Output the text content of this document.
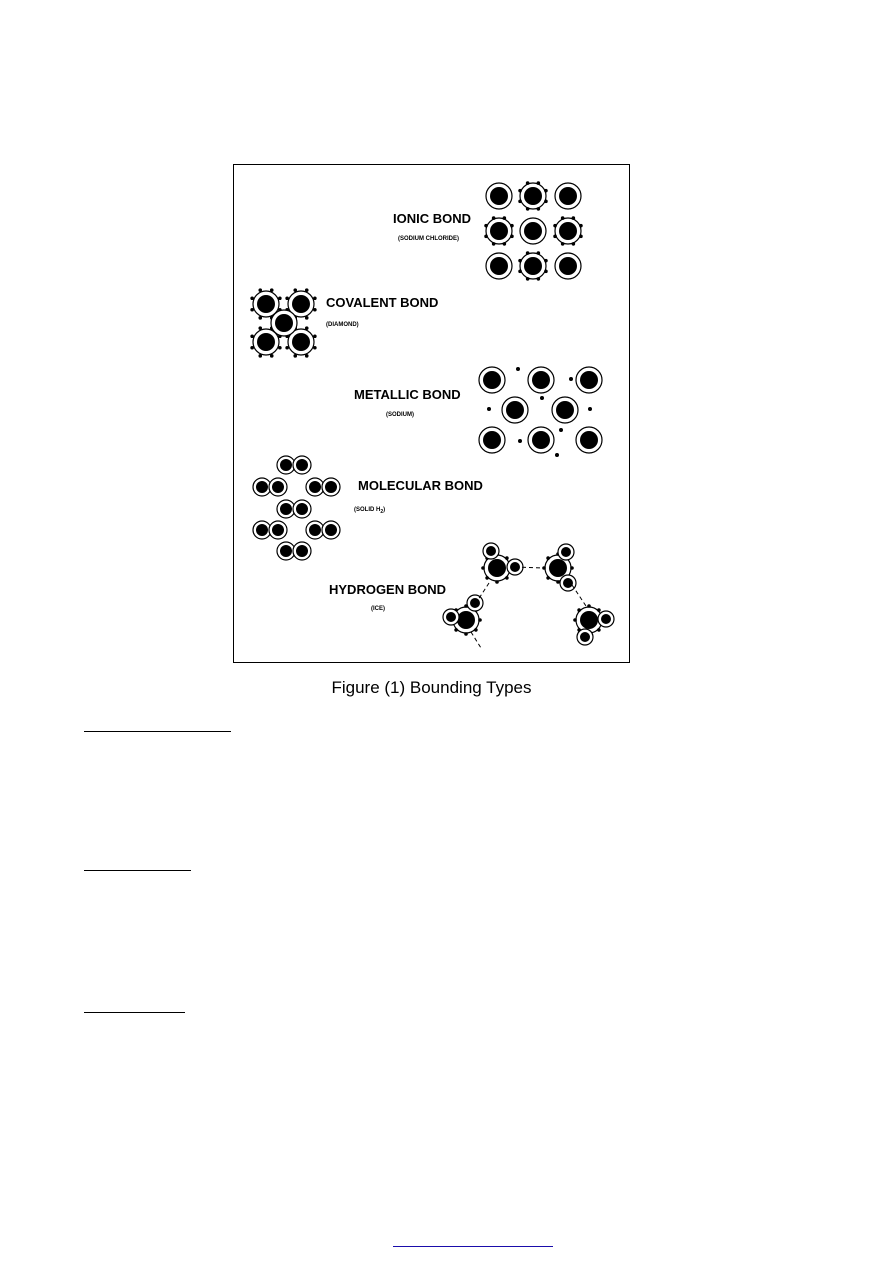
IONIC BOND
(SODIUM CHLORIDE)
COVALENT BOND
(DIAMOND)
METALLIC BOND
(SODIUM)
MOLECULAR BOND
(SOLID $H_2$)
HYDROGEN BOND
(ICE)
Figure (1) Bounding Types
